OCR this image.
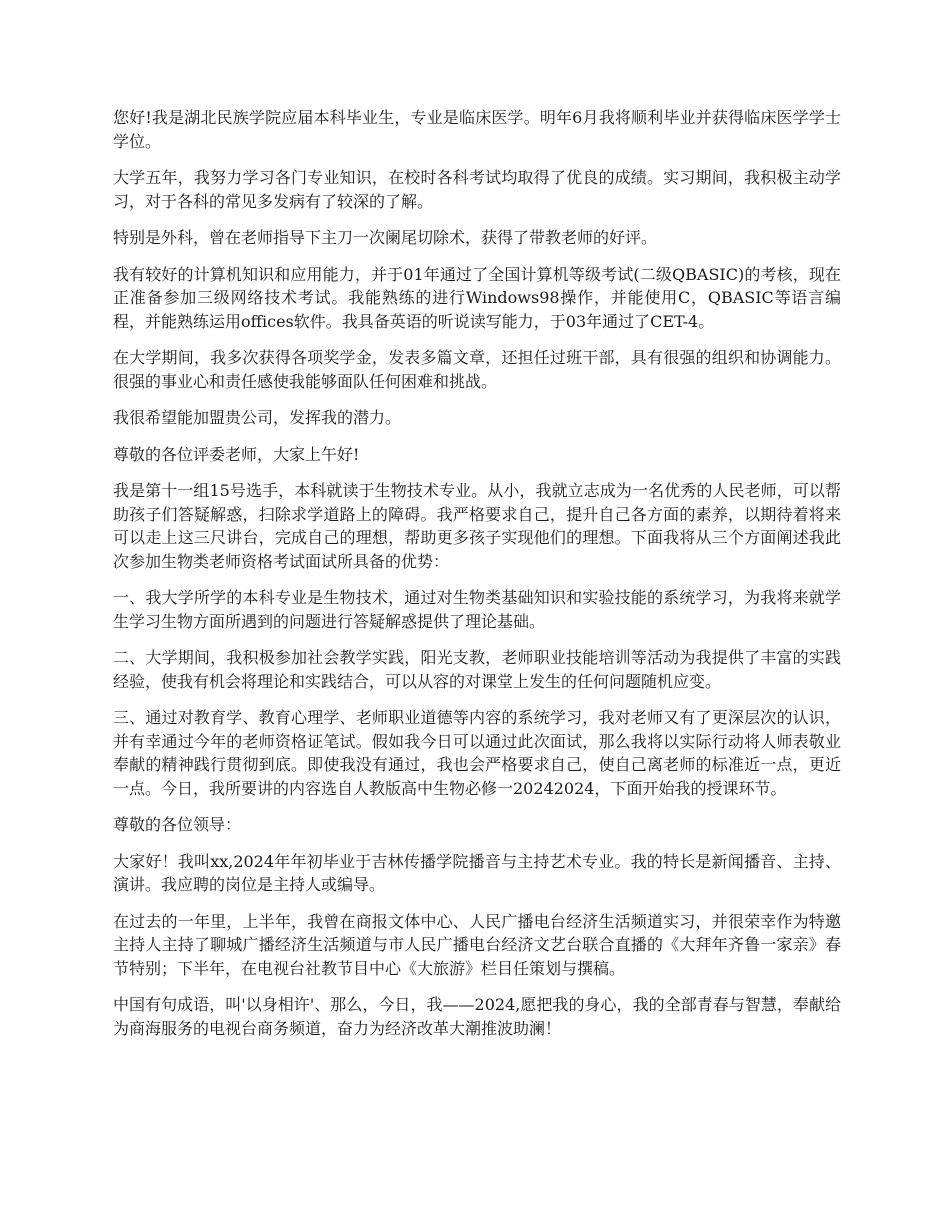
您好!我是湖北民族学院应届本科毕业生，专业是临床医学。明年6月我将顺利毕业并获得临床医学学士学位。

大学五年，我努力学习各门专业知识，在校时各科考试均取得了优良的成绩。实习期间，我积极主动学习，对于各科的常见多发病有了较深的了解。

特别是外科，曾在老师指导下主刀一次阑尾切除术，获得了带教老师的好评。

我有较好的计算机知识和应用能力，并于01年通过了全国计算机等级考试(二级QBASIC)的考核，现在正准备参加三级网络技术考试。我能熟练的进行Windows98操作，并能使用C，QBASIC等语言编程，并能熟练运用offices软件。我具备英语的听说读写能力，于03年通过了CET-4。

在大学期间，我多次获得各项奖学金，发表多篇文章，还担任过班干部，具有很强的组织和协调能力。很强的事业心和责任感使我能够面队任何困难和挑战。

我很希望能加盟贵公司，发挥我的潜力。

尊敬的各位评委老师，大家上午好!

我是第十一组15号选手，本科就读于生物技术专业。从小，我就立志成为一名优秀的人民老师，可以帮助孩子们答疑解惑，扫除求学道路上的障碍。我严格要求自己，提升自己各方面的素养，以期待着将来可以走上这三尺讲台，完成自己的理想，帮助更多孩子实现他们的理想。下面我将从三个方面阐述我此次参加生物类老师资格考试面试所具备的优势：

一、我大学所学的本科专业是生物技术，通过对生物类基础知识和实验技能的系统学习，为我将来就学生学习生物方面所遇到的问题进行答疑解惑提供了理论基础。

二、大学期间，我积极参加社会教学实践，阳光支教，老师职业技能培训等活动为我提供了丰富的实践经验，使我有机会将理论和实践结合，可以从容的对课堂上发生的任何问题随机应变。

三、通过对教育学、教育心理学、老师职业道德等内容的系统学习，我对老师又有了更深层次的认识，并有幸通过今年的老师资格证笔试。假如我今日可以通过此次面试，那么我将以实际行动将人师表敬业奉献的精神践行贯彻到底。即使我没有通过，我也会严格要求自己，使自己离老师的标准近一点，更近一点。今日，我所要讲的内容选自人教版高中生物必修一20242024，下面开始我的授课环节。

尊敬的各位领导：

大家好！我叫xx,2024年年初毕业于吉林传播学院播音与主持艺术专业。我的特长是新闻播音、主持、演讲。我应聘的岗位是主持人或编导。

在过去的一年里，上半年，我曾在商报文体中心、人民广播电台经济生活频道实习，并很荣幸作为特邀主持人主持了聊城广播经济生活频道与市人民广播电台经济文艺台联合直播的《大拜年齐鲁一家亲》春节特别；下半年，在电视台社教节目中心《大旅游》栏目任策划与撰稿。

中国有句成语，叫'以身相许'、那么，今日，我——2024,愿把我的身心，我的全部青春与智慧，奉献给为商海服务的电视台商务频道，奋力为经济改革大潮推波助澜！
